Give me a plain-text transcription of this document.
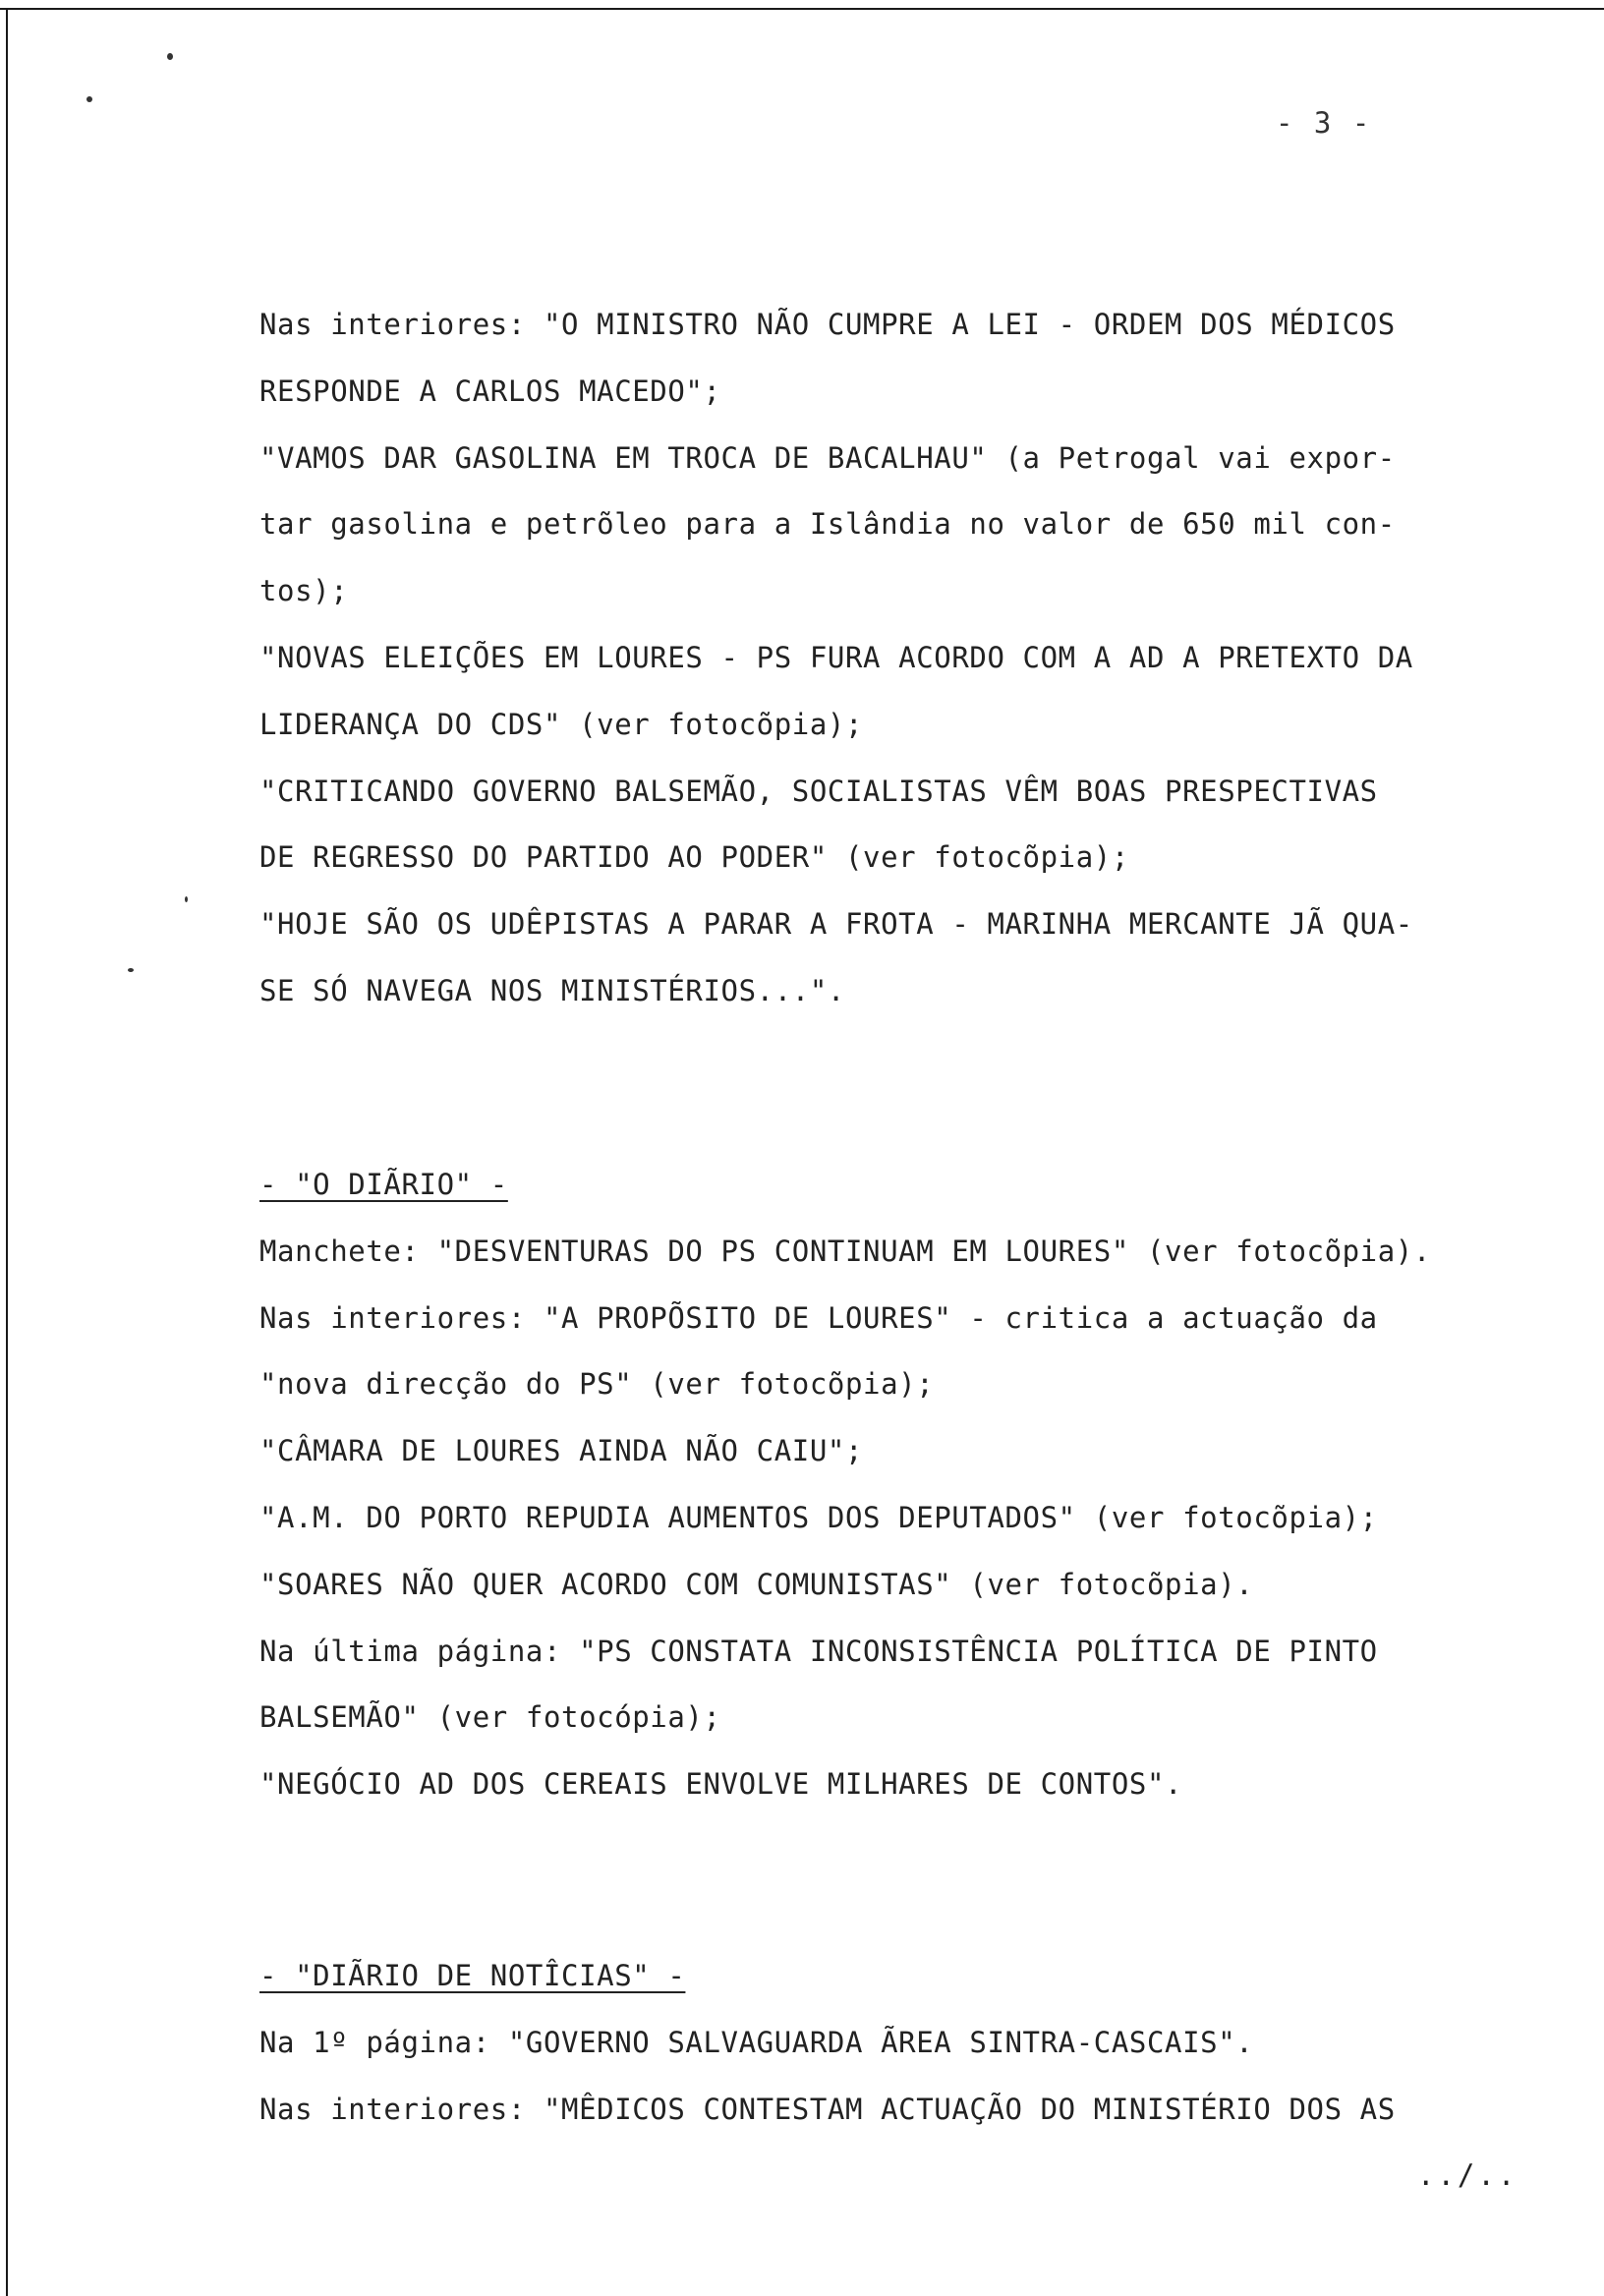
- 3 -
Nas interiores: "O MINISTRO NÃO CUMPRE A LEI - ORDEM DOS MÉDICOS
RESPONDE A CARLOS MACEDO";
"VAMOS DAR GASOLINA EM TROCA DE BACALHAU" (a Petrogal vai expor-
tar gasolina e petrõleo para a Islândia no valor de 650 mil con-
tos);
"NOVAS ELEIÇÕES EM LOURES - PS FURA ACORDO COM A AD A PRETEXTO DA
LIDERANÇA DO CDS" (ver fotocõpia);
"CRITICANDO GOVERNO BALSEMÃO, SOCIALISTAS VÊM BOAS PRESPECTIVAS
DE REGRESSO DO PARTIDO AO PODER" (ver fotocõpia);
"HOJE SÃO OS UDÊPISTAS A PARAR A FROTA - MARINHA MERCANTE JÃ QUA-
SE SÓ NAVEGA NOS MINISTÉRIOS...".
- "O DIÃRIO" -
Manchete: "DESVENTURAS DO PS CONTINUAM EM LOURES" (ver fotocõpia).
Nas interiores: "A PROPÕSITO DE LOURES" - critica a actuação da
"nova direcção do PS" (ver fotocõpia);
"CÂMARA DE LOURES AINDA NÃO CAIU";
"A.M. DO PORTO REPUDIA AUMENTOS DOS DEPUTADOS" (ver fotocõpia);
"SOARES NÃO QUER ACORDO COM COMUNISTAS" (ver fotocõpia).
Na última página: "PS CONSTATA INCONSISTÊNCIA POLÍTICA DE PINTO
BALSEMÃO" (ver fotocópia);
"NEGÓCIO AD DOS CEREAIS ENVOLVE MILHARES DE CONTOS".
- "DIÃRIO DE NOTÎCIAS" -
Na 1º página: "GOVERNO SALVAGUARDA ÃREA SINTRA-CASCAIS".
Nas interiores: "MÊDICOS CONTESTAM ACTUAÇÃO DO MINISTÉRIO DOS AS
../..
